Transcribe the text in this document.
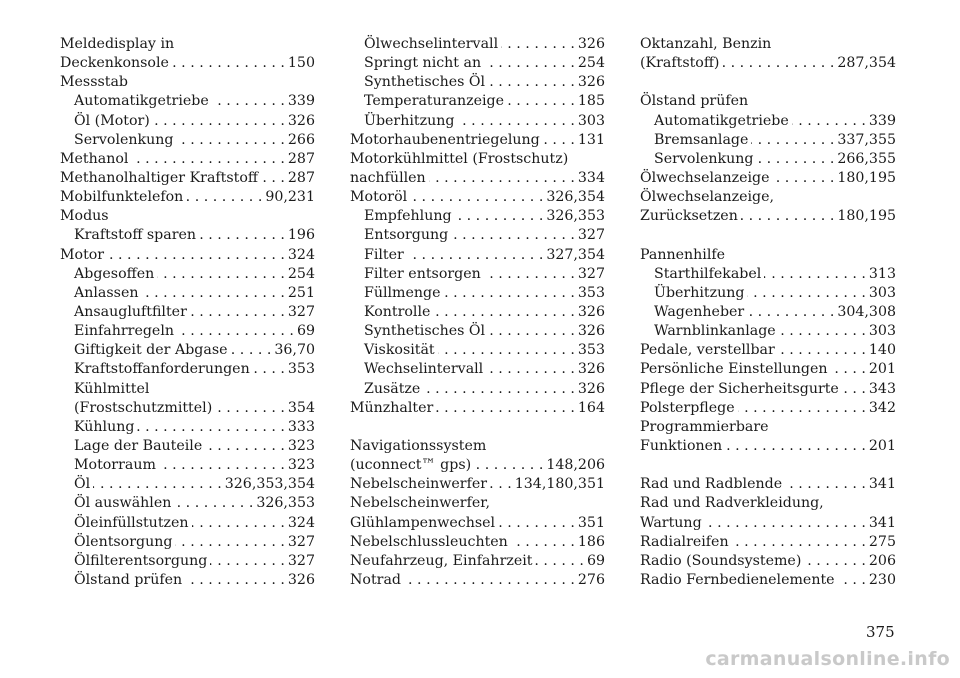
Meldedisplay in
Deckenkonsole . . .	150
Messstab
Automatikgetriebe . . .	339
Öl (Motor) . . .	326
Servolenkung . . .	266
Methanol . . .	287
Methanolhaltiger Kraftstoff . . . 287
Mobilfunktelefon . . .	90,231
Modus
Kraftstoff sparen . . .	196
Motor . . .	324
Abgesoffen . . .	254
Anlassen . . .	251
Ansaugluftfilter . . .	327
Einfahrregeln . . .	69
Giftigkeit der Abgase . . .	36,70
Kraftstoffanforderungen . . .	353
Kühlmittel
(Frostschutzmittel) . . .	354
Kühlung . . .	333
Lage der Bauteile . . .	323
Motorraum . . .	323
Öl . . .	326,353,354
Öl auswählen . . .	326,353
Öleinfüllstutzen . . .	324
Ölentsorgung . . .	327
Ölfilterentsorgung . . .	327
Ölstand prüfen . . .	326
Ölwechselintervall . . .	326
Springt nicht an . . .	254
Synthetisches Öl . . .	326
Temperaturanzeige . . .	185
Überhitzung . . .	303
Motorhaubenentriegelung . . .	131
Motorkühlmittel (Frostschutz)
nachfüllen . . .	334
Motoröl . . .	326,354
Empfehlung . . .	326,353
Entsorgung . . .	327
Filter . . .	327,354
Filter entsorgen . . .	327
Füllmenge . . .	353
Kontrolle . . .	326
Synthetisches Öl . . .	326
Viskosität . . .	353
Wechselintervall . . .	326
Zusätze . . .	326
Münzhalter . . .	164
Navigationssystem
(uconnect™ gps) . . .	148,206
Nebelscheinwerfer . . . 134,180,351
Nebelscheinwerfer,
Glühlampenwechsel . . .	351
Nebelschlussleuchten . . .	186
Neufahrzeug, Einfahrzeit . . .	69
Notrad . . .	276
Oktanzahl, Benzin
(Kraftstoff) . . .	287,354
Ölstand prüfen
Automatikgetriebe . . .	339
Bremsanlage . . .	337,355
Servolenkung . . .	266,355
Ölwechselanzeige . . .	180,195
Ölwechselanzeige,
Zurücksetzen . . .	180,195
Pannenhilfe
Starthilfekabel . . .	313
Überhitzung . . .	303
Wagenheber . . .	304,308
Warnblinkanlage . . .	303
Pedale, verstellbar . . .	140
Persönliche Einstellungen . . .	201
Pflege der Sicherheitsgurte . . . 343
Polsterpflege . . .	342
Programmierbare
Funktionen . . .	201
Rad und Radblende . . .	341
Rad und Radverkleidung,
Wartung . . .	341
Radialreifen . . .	275
Radio (Soundsysteme) . . .	206
Radio Fernbedienelemente . . . 230
375
carmanualsonline.info
